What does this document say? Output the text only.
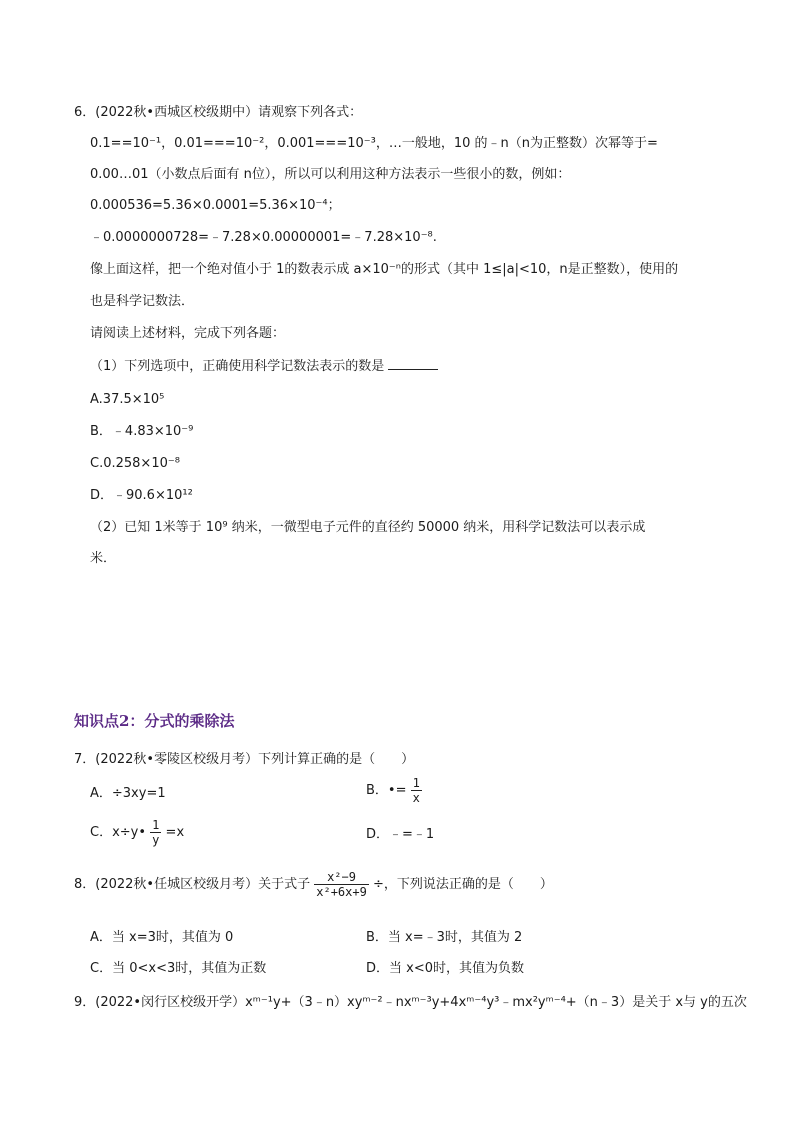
6．(2022秋•西城区校级期中）请观察下列各式：
0.1==10⁻¹，0.01===10⁻²，0.001===10⁻³，…一般地，10 的﹣n（n为正整数）次幂等于=
0.00…01（小数点后面有 n位），所以可以利用这种方法表示一些很小的数，例如：
0.000536=5.36×0.0001=5.36×10⁻⁴；
﹣0.0000000728=﹣7.28×0.00000001=﹣7.28×10⁻⁸.
像上面这样，把一个绝对值小于 1的数表示成 a×10⁻ⁿ的形式（其中 1≤|a|<10，n是正整数），使用的
也是科学记数法．
请阅读上述材料，完成下列各题：
（1）下列选项中，正确使用科学记数法表示的数是
A.37.5×10⁵
B．﹣4.83×10⁻⁹
C.0.258×10⁻⁸
D．﹣90.6×10¹²
（2）已知 1米等于 10⁹ 纳米，一微型电子元件的直径约 50000 纳米，用科学记数法可以表示成
米．
知识点2：分式的乘除法
7．(2022秋•零陵区校级月考）下列计算正确的是（　　）
A．÷3xy=1	B．•= $\frac{1}{x}$
C．x÷y• $\frac{1}{y} =x$	D．﹣=﹣1
8．(2022秋•任城区校级月考）关于式子 $\frac{\text{x²−9}}{\text{x²+6x+9}}$ ÷，下列说法正确的是（　　）
A．当 x=3时，其值为 0	B．当 x=﹣3时，其值为 2
C．当 0<x<3时，其值为正数	D．当 x<0时，其值为负数
9．(2022•闵行区校级开学）xᵐ⁻¹y+（3﹣n）xyᵐ⁻²﹣nxᵐ⁻³y+4xᵐ⁻⁴y³﹣mx²yᵐ⁻⁴+（n﹣3）是关于 x与 y的五次
